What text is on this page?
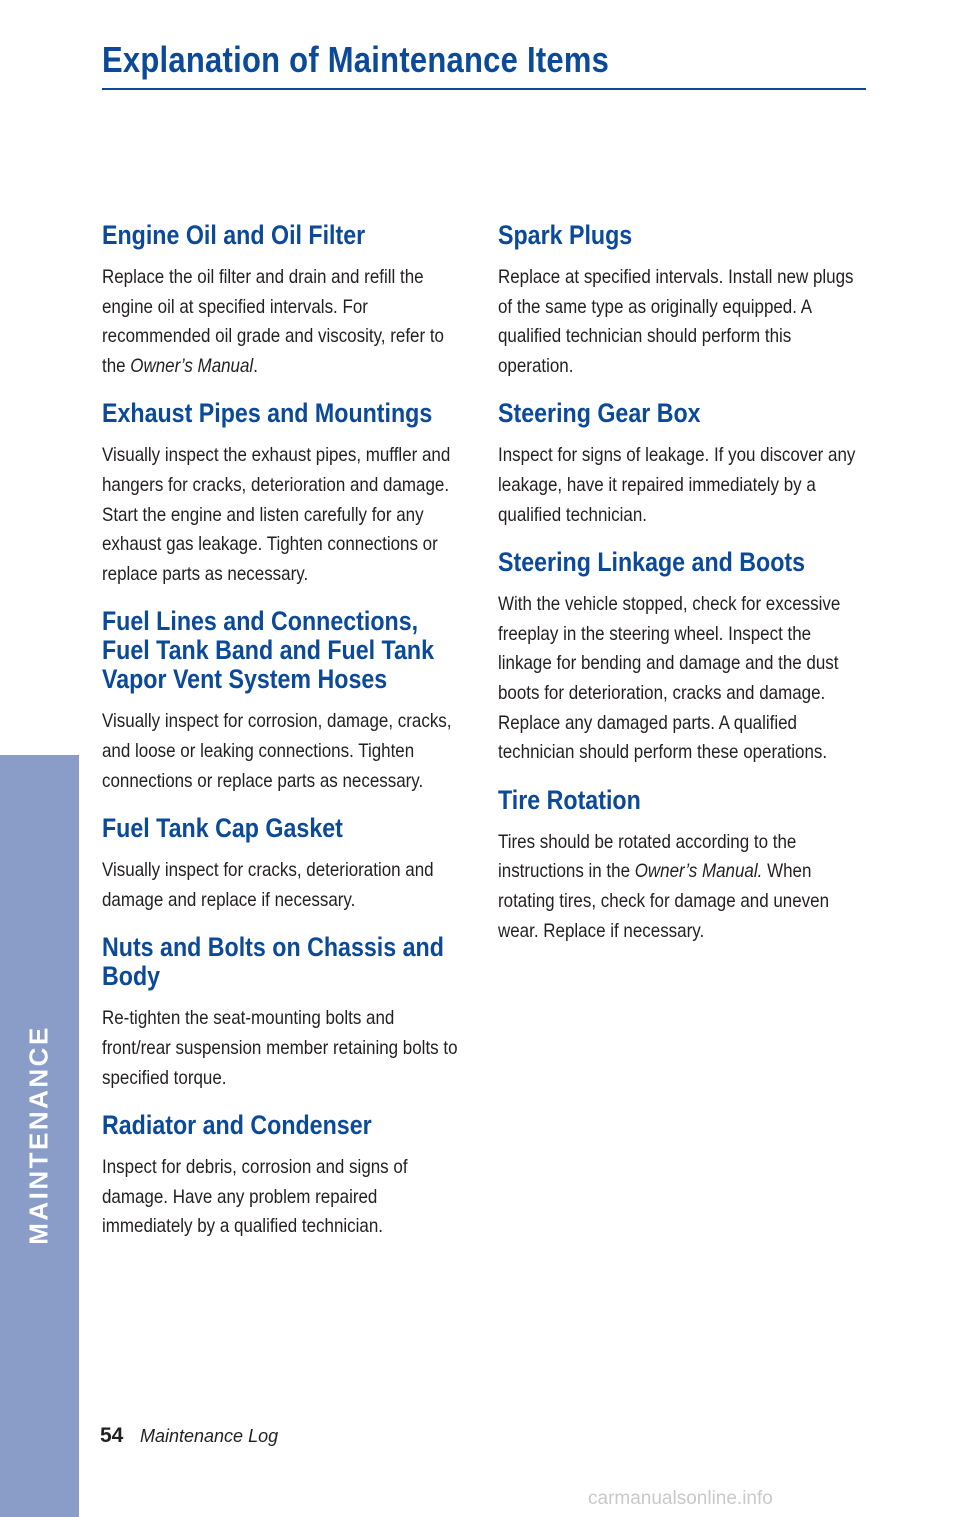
Explanation of Maintenance Items
MAINTENANCE
Engine Oil and Oil Filter

Replace the oil filter and drain and refill the engine oil at specified intervals. For recommended oil grade and viscosity, refer to the Owner’s Manual.

Exhaust Pipes and Mountings

Visually inspect the exhaust pipes, muffler and hangers for cracks, deterioration and damage. Start the engine and listen carefully for any exhaust gas leakage. Tighten connections or replace parts as necessary.

Fuel Lines and Connections, Fuel Tank Band and Fuel Tank Vapor Vent System Hoses

Visually inspect for corrosion, damage, cracks, and loose or leaking connections. Tighten connections or replace parts as necessary.

Fuel Tank Cap Gasket

Visually inspect for cracks, deterioration and damage and replace if necessary.

Nuts and Bolts on Chassis and Body

Re-tighten the seat-mounting bolts and front/rear suspension member retaining bolts to specified torque.

Radiator and Condenser

Inspect for debris, corrosion and signs of damage. Have any problem repaired immediately by a qualified technician.

Spark Plugs

Replace at specified intervals. Install new plugs of the same type as originally equipped. A qualified technician should perform this operation.

Steering Gear Box

Inspect for signs of leakage. If you discover any leakage, have it repaired immediately by a qualified technician.

Steering Linkage and Boots

With the vehicle stopped, check for excessive freeplay in the steering wheel. Inspect the linkage for bending and damage and the dust boots for deterioration, cracks and damage. Replace any damaged parts. A qualified technician should perform these operations.

Tire Rotation

Tires should be rotated according to the instructions in the Owner’s Manual. When rotating tires, check for damage and uneven wear. Replace if necessary.

54 Maintenance Log
carmanualsonline.info
